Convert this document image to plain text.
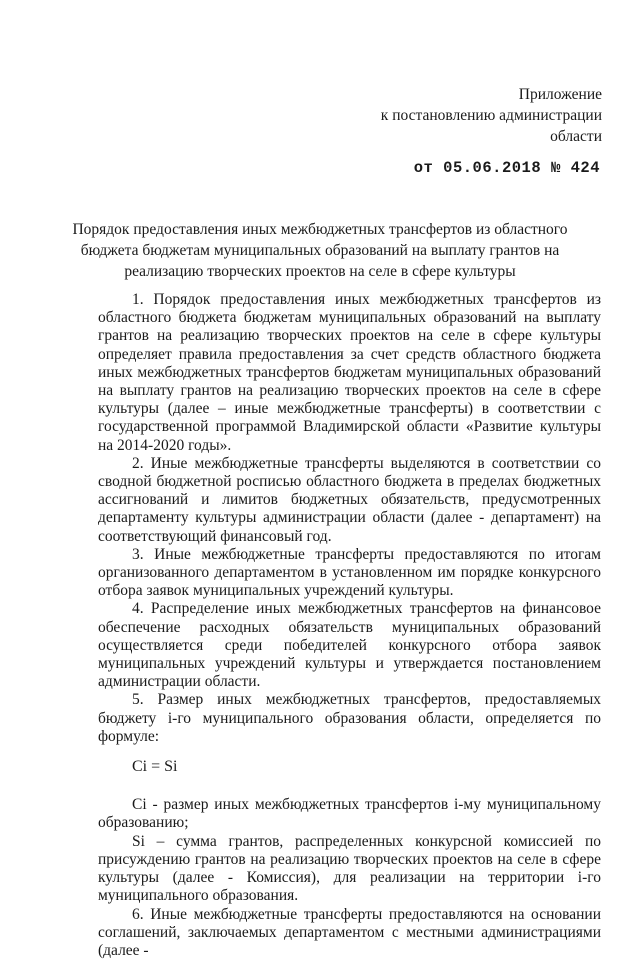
Приложение
к постановлению администрации
области
от 05.06.2018 № 424
Порядок предоставления иных межбюджетных трансфертов из областного бюджета бюджетам муниципальных образований на выплату грантов на реализацию творческих проектов на селе в сфере культуры

1. Порядок предоставления иных межбюджетных трансфертов из областного бюджета бюджетам муниципальных образований на выплату грантов на реализацию творческих проектов на селе в сфере культуры определяет правила предоставления за счет средств областного бюджета иных межбюджетных трансфертов бюджетам муниципальных образований на выплату грантов на реализацию творческих проектов на селе в сфере культуры (далее – иные межбюджетные трансферты) в соответствии с государственной программой Владимирской области «Развитие культуры на 2014-2020 годы».

2. Иные межбюджетные трансферты выделяются в соответствии со сводной бюджетной росписью областного бюджета в пределах бюджетных ассигнований и лимитов бюджетных обязательств, предусмотренных департаменту культуры администрации области (далее - департамент) на соответствующий финансовый год.

3. Иные межбюджетные трансферты предоставляются по итогам организованного департаментом в установленном им порядке конкурсного отбора заявок муниципальных учреждений культуры.

4. Распределение иных межбюджетных трансфертов на финансовое обеспечение расходных обязательств муниципальных образований осуществляется среди победителей конкурсного отбора заявок муниципальных учреждений культуры и утверждается постановлением администрации области.

5. Размер иных межбюджетных трансфертов, предоставляемых бюджету i-го муниципального образования области, определяется по формуле:

Ci = Si

Ci - размер иных межбюджетных трансфертов i-му муниципальному образованию;

Si – сумма грантов, распределенных конкурсной комиссией по присуждению грантов на реализацию творческих проектов на селе в сфере культуры (далее - Комиссия), для реализации на территории i-го муниципального образования.

6. Иные межбюджетные трансферты предоставляются на основании соглашений, заключаемых департаментом с местными администрациями (далее -
